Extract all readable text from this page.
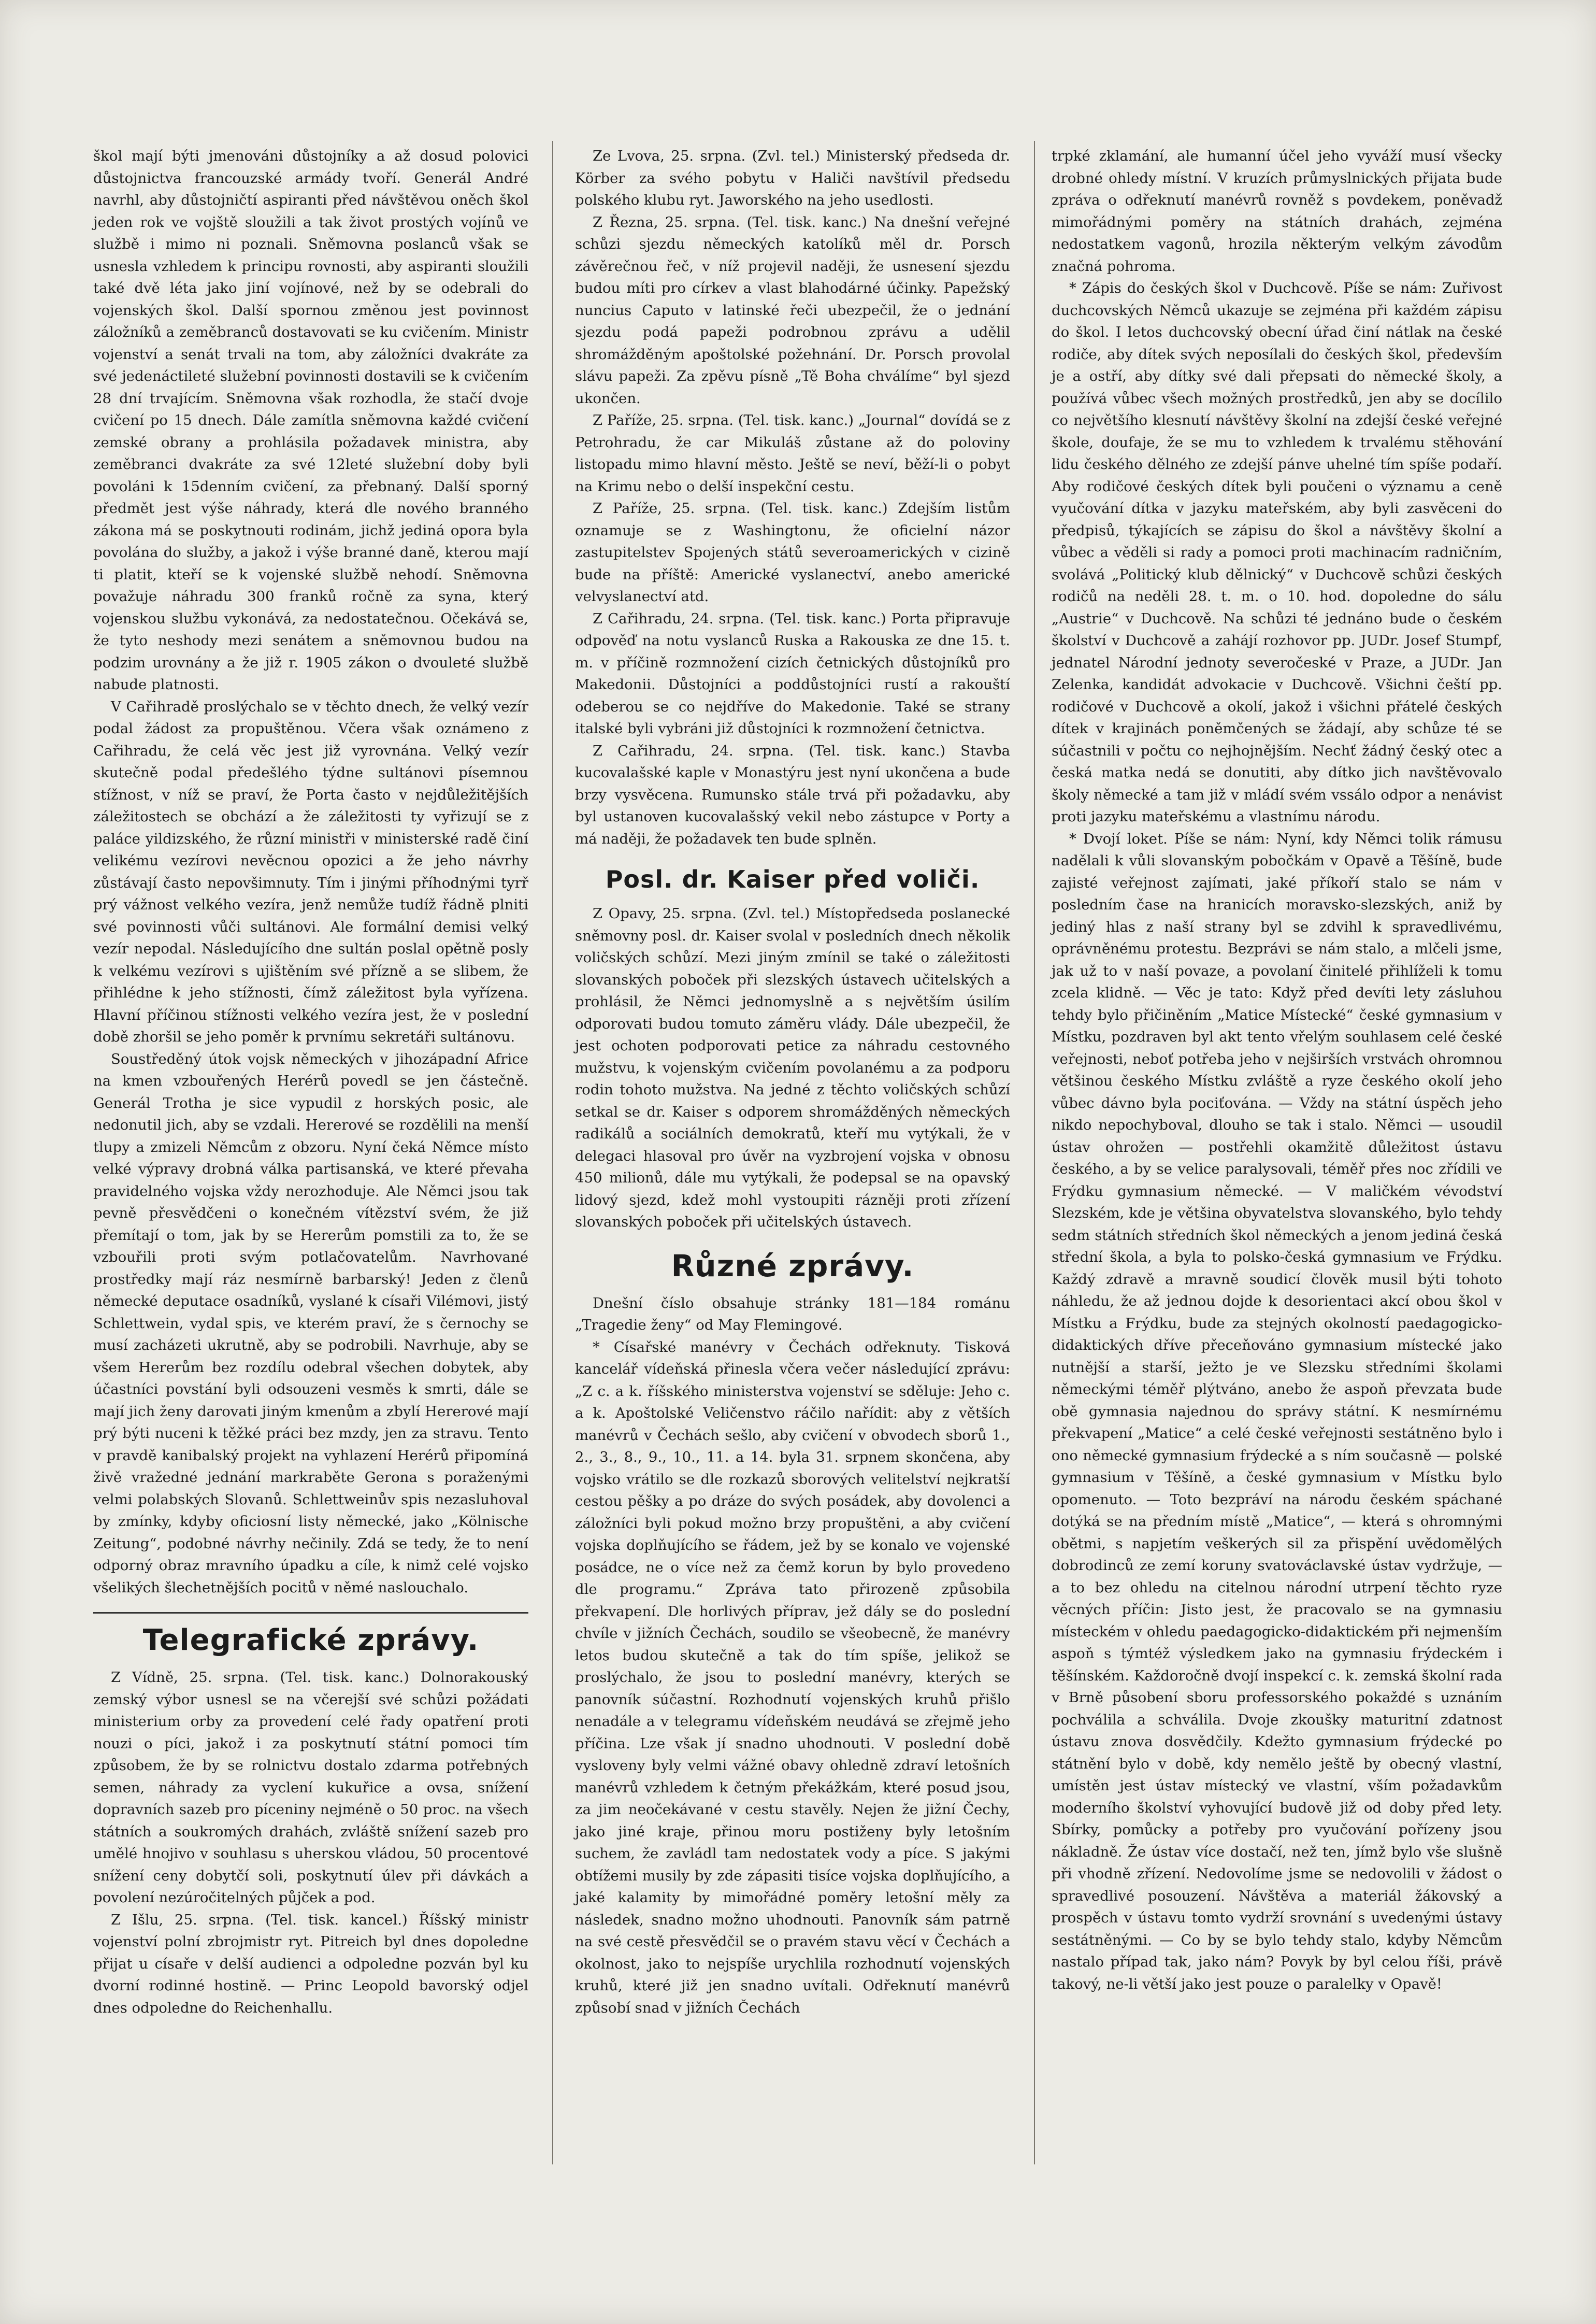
škol mají býti jmenováni důstojníky a až dosud polovici důstojnictva francouzské armády tvoří. Generál André navrhl, aby důstojničtí aspiranti před návštěvou oněch škol jeden rok ve vojště sloužili a tak život prostých vojínů ve službě i mimo ni poznali. Sněmovna poslanců však se usnesla vzhledem k principu rovnosti, aby aspiranti sloužili také dvě léta jako jiní vojínové, než by se odebrali do vojenských škol. Další spornou změnou jest povinnost záložníků a zeměbranců dostavovati se ku cvičením. Ministr vojenství a senát trvali na tom, aby záložníci dvakráte za své jedenáctileté služební povinnosti dostavili se k cvičením 28 dní trvajícím. Sněmovna však rozhodla, že stačí dvoje cvičení po 15 dnech. Dále zamítla sněmovna každé cvičení zemské obrany a prohlásila požadavek ministra, aby zeměbranci dvakráte za své 12leté služební doby byli povoláni k 15denním cvičení, za přebnaný. Další sporný předmět jest výše náhrady, která dle nového branného zákona má se poskytnouti rodinám, jichž jediná opora byla povolána do služby, a jakož i výše branné daně, kterou mají ti platit, kteří se k vojenské službě nehodí. Sněmovna považuje náhradu 300 franků ročně za syna, který vojenskou službu vykonává, za nedostatečnou. Očekává se, že tyto neshody mezi senátem a sněmovnou budou na podzim urovnány a že již r. 1905 zákon o dvouleté službě nabude platnosti.

V Cařihradě proslýchalo se v těchto dnech, že velký vezír podal žádost za propuštěnou. Včera však oznámeno z Cařihradu, že celá věc jest již vyrovnána. Velký vezír skutečně podal předešlého týdne sultánovi písemnou stížnost, v níž se praví, že Porta často v nejdůležitějších záležitostech se obchází a že záležitosti ty vyřizují se z paláce yildizského, že různí ministři v ministerské radě činí velikému vezírovi nevěcnou opozici a že jeho návrhy zůstávají často nepovšimnuty. Tím i jinými příhodnými tyrř prý vážnost velkého vezíra, jenž nemůže tudíž řádně plniti své povinnosti vůči sultánovi. Ale formální demisi velký vezír nepodal. Následujícího dne sultán poslal opětně posly k velkému vezírovi s ujištěním své přízně a se slibem, že přihlédne k jeho stížnosti, čímž záležitost byla vyřízena. Hlavní příčinou stížnosti velkého vezíra jest, že v poslední době zhoršil se jeho poměr k prvnímu sekretáři sultánovu.

Soustředěný útok vojsk německých v jihozápadní Africe na kmen vzbouřených Herérů povedl se jen částečně. Generál Trotha je sice vypudil z horských posic, ale nedonutil jich, aby se vzdali. Hererové se rozdělili na menší tlupy a zmizeli Němcům z obzoru. Nyní čeká Němce místo velké výpravy drobná válka partisanská, ve které převaha pravidelného vojska vždy nerozhoduje. Ale Němci jsou tak pevně přesvědčeni o konečném vítězství svém, že již přemítají o tom, jak by se Hererům pomstili za to, že se vzbouřili proti svým potlačovatelům. Navrhované prostředky mají ráz nesmírně barbarský! Jeden z členů německé deputace osadníků, vyslané k císaři Vilémovi, jistý Schlettwein, vydal spis, ve kterém praví, že s černochy se musí zacházeti ukrutně, aby se podrobili. Navrhuje, aby se všem Hererům bez rozdílu odebral všechen dobytek, aby účastníci povstání byli odsouzeni vesměs k smrti, dále se mají jich ženy darovati jiným kmenům a zbylí Hererové mají prý býti nuceni k těžké práci bez mzdy, jen za stravu. Tento v pravdě kanibalský projekt na vyhlazení Herérů připomíná živě vražedné jednání markraběte Gerona s poraženými velmi polabských Slovanů. Schlettweinův spis nezasluhoval by zmínky, kdyby oficiosní listy německé, jako „Kölnische Zeitung“, podobné návrhy nečinily. Zdá se tedy, že to není odporný obraz mravního úpadku a cíle, k nimž celé vojsko všelikých šlechetnějších pocitů v němé naslouchalo.

Telegrafické zprávy.

Z Vídně, 25. srpna. (Tel. tisk. kanc.) Dolnorakouský zemský výbor usnesl se na včerejší své schůzi požádati ministerium orby za provedení celé řady opatření proti nouzi o píci, jakož i za poskytnutí státní pomoci tím způsobem, že by se rolnictvu dostalo zdarma potřebných semen, náhrady za vyclení kukuřice a ovsa, snížení dopravních sazeb pro píceniny nejméně o 50 proc. na všech státních a soukromých drahách, zvláště snížení sazeb pro umělé hnojivo v souhlasu s uherskou vládou, 50 procentové snížení ceny dobytčí soli, poskytnutí úlev při dávkách a povolení nezúročitelných půjček a pod.

Z Išlu, 25. srpna. (Tel. tisk. kancel.) Říšský ministr vojenství polní zbrojmistr ryt. Pitreich byl dnes dopoledne přijat u císaře v delší audienci a odpoledne pozván byl ku dvorní rodinné hostině. — Princ Leopold bavorský odjel dnes odpoledne do Reichenhallu.

Ze Lvova, 25. srpna. (Zvl. tel.) Ministerský předseda dr. Körber za svého pobytu v Haliči navštívil předsedu polského klubu ryt. Jaworského na jeho usedlosti.

Z Řezna, 25. srpna. (Tel. tisk. kanc.) Na dnešní veřejné schůzi sjezdu německých katolíků měl dr. Porsch závěrečnou řeč, v níž projevil naději, že usnesení sjezdu budou míti pro církev a vlast blahodárné účinky. Papežský nuncius Caputo v latinské řeči ubezpečil, že o jednání sjezdu podá papeži podrobnou zprávu a udělil shromážděným apoštolské požehnání. Dr. Porsch provolal slávu papeži. Za zpěvu písně „Tě Boha chválíme“ byl sjezd ukončen.

Z Paříže, 25. srpna. (Tel. tisk. kanc.) „Journal“ dovídá se z Petrohradu, že car Mikuláš zůstane až do poloviny listopadu mimo hlavní město. Ještě se neví, běží-li o pobyt na Krimu nebo o delší inspekční cestu.

Z Paříže, 25. srpna. (Tel. tisk. kanc.) Zdejším listům oznamuje se z Washingtonu, že oficielní názor zastupitelstev Spojených států severoamerických v cizině bude na příště: Americké vyslanectví, anebo americké velvyslanectví atd.

Z Cařihradu, 24. srpna. (Tel. tisk. kanc.) Porta připravuje odpověď na notu vyslanců Ruska a Rakouska ze dne 15. t. m. v příčině rozmnožení cizích četnických důstojníků pro Makedonii. Důstojníci a poddůstojníci rustí a rakouští odeberou se co nejdříve do Makedonie. Také se strany italské byli vybráni již důstojníci k rozmnožení četnictva.

Z Cařihradu, 24. srpna. (Tel. tisk. kanc.) Stavba kucovalašské kaple v Monastýru jest nyní ukončena a bude brzy vysvěcena. Rumunsko stále trvá při požadavku, aby byl ustanoven kucovalašský vekil nebo zástupce v Porty a má naději, že požadavek ten bude splněn.

Posl. dr. Kaiser před voliči.

Z Opavy, 25. srpna. (Zvl. tel.) Místopředseda poslanecké sněmovny posl. dr. Kaiser svolal v posledních dnech několik voličských schůzí. Mezi jiným zmínil se také o záležitosti slovanských poboček při slezských ústavech učitelských a prohlásil, že Němci jednomyslně a s největším úsilím odporovati budou tomuto záměru vlády. Dále ubezpečil, že jest ochoten podporovati petice za náhradu cestovného mužstvu, k vojenským cvičením povolanému a za podporu rodin tohoto mužstva. Na jedné z těchto voličských schůzí setkal se dr. Kaiser s odporem shromážděných německých radikálů a sociálních demokratů, kteří mu vytýkali, že v delegaci hlasoval pro úvěr na vyzbrojení vojska v obnosu 450 milionů, dále mu vytýkali, že podepsal se na opavský lidový sjezd, kdež mohl vystoupiti rázněji proti zřízení slovanských poboček při učitelských ústavech.

Různé zprávy.

Dnešní číslo obsahuje stránky 181—184 románu „Tragedie ženy“ od May Flemingové.

* Císařské manévry v Čechách odřeknuty. Tisková kancelář vídeňská přinesla včera večer následující zprávu: „Z c. a k. říšského ministerstva vojenství se sděluje: Jeho c. a k. Apoštolské Veličenstvo ráčilo nařídit: aby z větších manévrů v Čechách sešlo, aby cvičení v obvodech sborů 1., 2., 3., 8., 9., 10., 11. a 14. byla 31. srpnem skončena, aby vojsko vrátilo se dle rozkazů sborových velitelství nejkratší cestou pěšky a po dráze do svých posádek, aby dovolenci a záložníci byli pokud možno brzy propuštěni, a aby cvičení vojska doplňujícího se řádem, jež by se konalo ve vojenské posádce, ne o více než za čemž korun by bylo provedeno dle programu.“ Zpráva tato přirozeně způsobila překvapení. Dle horlivých příprav, jež dály se do poslední chvíle v jižních Čechách, soudilo se všeobecně, že manévry letos budou skutečně a tak do tím spíše, jelikož se proslýchalo, že jsou to poslední manévry, kterých se panovník súčastní. Rozhodnutí vojenských kruhů přišlo nenadále a v telegramu vídeňském neudává se zřejmě jeho příčina. Lze však jí snadno uhodnouti. V poslední době vysloveny byly velmi vážné obavy ohledně zdraví letošních manévrů vzhledem k četným překážkám, které posud jsou, za jim neočekávané v cestu stavěly. Nejen že jižní Čechy, jako jiné kraje, přinou moru postiženy byly letošním suchem, že zavládl tam nedostatek vody a píce. S jakými obtížemi musily by zde zápasiti tisíce vojska doplňujícího, a jaké kalamity by mimořádné poměry letošní měly za následek, snadno možno uhodnouti. Panovník sám patrně na své cestě přesvědčil se o pravém stavu věcí v Čechách a okolnost, jako to nejspíše urychlila rozhodnutí vojenských kruhů, které již jen snadno uvítali. Odřeknutí manévrů způsobí snad v jižních Čechách

trpké zklamání, ale humanní účel jeho vyváží musí všecky drobné ohledy místní. V kruzích průmyslnických přijata bude zpráva o odřeknutí manévrů rovněž s povdekem, poněvadž mimořádnými poměry na státních drahách, zejména nedostatkem vagonů, hrozila některým velkým závodům značná pohroma.

* Zápis do českých škol v Duchcově. Píše se nám: Zuřivost duchcovských Němců ukazuje se zejména při každém zápisu do škol. I letos duchcovský obecní úřad činí nátlak na české rodiče, aby dítek svých neposílali do českých škol, především je a ostří, aby dítky své dali přepsati do německé školy, a používá vůbec všech možných prostředků, jen aby se docílilo co největšího klesnutí návštěvy školní na zdejší české veřejné škole, doufaje, že se mu to vzhledem k trvalému stěhování lidu českého dělného ze zdejší pánve uhelné tím spíše podaří. Aby rodičové českých dítek byli poučeni o významu a ceně vyučování dítka v jazyku mateřském, aby byli zasvěceni do předpisů, týkajících se zápisu do škol a návštěvy školní a vůbec a věděli si rady a pomoci proti machinacím radničním, svolává „Politický klub dělnický“ v Duchcově schůzi českých rodičů na neděli 28. t. m. o 10. hod. dopoledne do sálu „Austrie“ v Duchcově. Na schůzi té jednáno bude o českém školství v Duchcově a zahájí rozhovor pp. JUDr. Josef Stumpf, jednatel Národní jednoty severočeské v Praze, a JUDr. Jan Zelenka, kandidát advokacie v Duchcově. Všichni čeští pp. rodičové v Duchcově a okolí, jakož i všichni přátelé českých dítek v krajinách poněmčených se žádají, aby schůze té se súčastnili v počtu co nejhojnějším. Nechť žádný český otec a česká matka nedá se donutiti, aby dítko jich navštěvovalo školy německé a tam již v mládí svém vssálo odpor a nenávist proti jazyku mateřskému a vlastnímu národu.

* Dvojí loket. Píše se nám: Nyní, kdy Němci tolik rámusu nadělali k vůli slovanským pobočkám v Opavě a Těšíně, bude zajisté veřejnost zajímati, jaké příkoří stalo se nám v posledním čase na hranicích moravsko-slezských, aniž by jediný hlas z naší strany byl se zdvihl k spravedlivému, oprávněnému protestu. Bezprávi se nám stalo, a mlčeli jsme, jak už to v naší povaze, a povolaní činitelé přihlíželi k tomu zcela klidně. — Věc je tato: Když před devíti lety zásluhou tehdy bylo přičiněním „Matice Místecké“ české gymnasium v Místku, pozdraven byl akt tento vřelým souhlasem celé české veřejnosti, neboť potřeba jeho v nejširších vrstvách ohromnou většinou českého Místku zvláště a ryze českého okolí jeho vůbec dávno byla pociťována. — Vždy na státní úspěch jeho nikdo nepochyboval, dlouho se tak i stalo. Němci — usoudil ústav ohrožen — postřehli okamžitě důležitost ústavu českého, a by se velice paralysovali, téměř přes noc zřídili ve Frýdku gymnasium německé. — V maličkém vévodství Slezském, kde je většina obyvatelstva slovanského, bylo tehdy sedm státních středních škol německých a jenom jediná česká střední škola, a byla to polsko-česká gymnasium ve Frýdku. Každý zdravě a mravně soudicí člověk musil býti tohoto náhledu, že až jednou dojde k desorientaci akcí obou škol v Místku a Frýdku, bude za stejných okolností paedagogicko-didaktických dříve přeceňováno gymnasium místecké jako nutnější a starší, ježto je ve Slezsku středními školami německými téměř plýtváno, anebo že aspoň převzata bude obě gymnasia najednou do správy státní. K nesmírnému překvapení „Matice“ a celé české veřejnosti sestátněno bylo i ono německé gymnasium frýdecké a s ním současně — polské gymnasium v Těšíně, a české gymnasium v Místku bylo opomenuto. — Toto bezpráví na národu českém spáchané dotýká se na předním místě „Matice“, — která s ohromnými obětmi, s napjetím veškerých sil za přispění uvědomělých dobrodinců ze zemí koruny svatováclavské ústav vydržuje, — a to bez ohledu na citelnou národní utrpení těchto ryze věcných příčin: Jisto jest, že pracovalo se na gymnasiu místeckém v ohledu paedagogicko-didaktickém při nejmenším aspoň s týmtéž výsledkem jako na gymnasiu frýdeckém i těšínském. Každoročně dvojí inspekcí c. k. zemská školní rada v Brně působení sboru professorského pokaždé s uznáním pochválila a schválila. Dvoje zkoušky maturitní zdatnost ústavu znova dosvědčily. Kdežto gymnasium frýdecké po státnění bylo v době, kdy nemělo ještě by obecný vlastní, umístěn jest ústav místecký ve vlastní, vším požadavkům moderního školství vyhovující budově již od doby před lety. Sbírky, pomůcky a potřeby pro vyučování pořízeny jsou nákladně. Že ústav více dostačí, než ten, jímž bylo vše slušně při vhodně zřízení. Nedovolíme jsme se nedovolili v žádost o spravedlivé posouzení. Návštěva a materiál žákovský a prospěch v ústavu tomto vydrží srovnání s uvedenými ústavy sestátněnými. — Co by se bylo tehdy stalo, kdyby Němcům nastalo případ tak, jako nám? Povyk by byl celou říši, právě takový, ne-li větší jako jest pouze o paralelky v Opavě!
